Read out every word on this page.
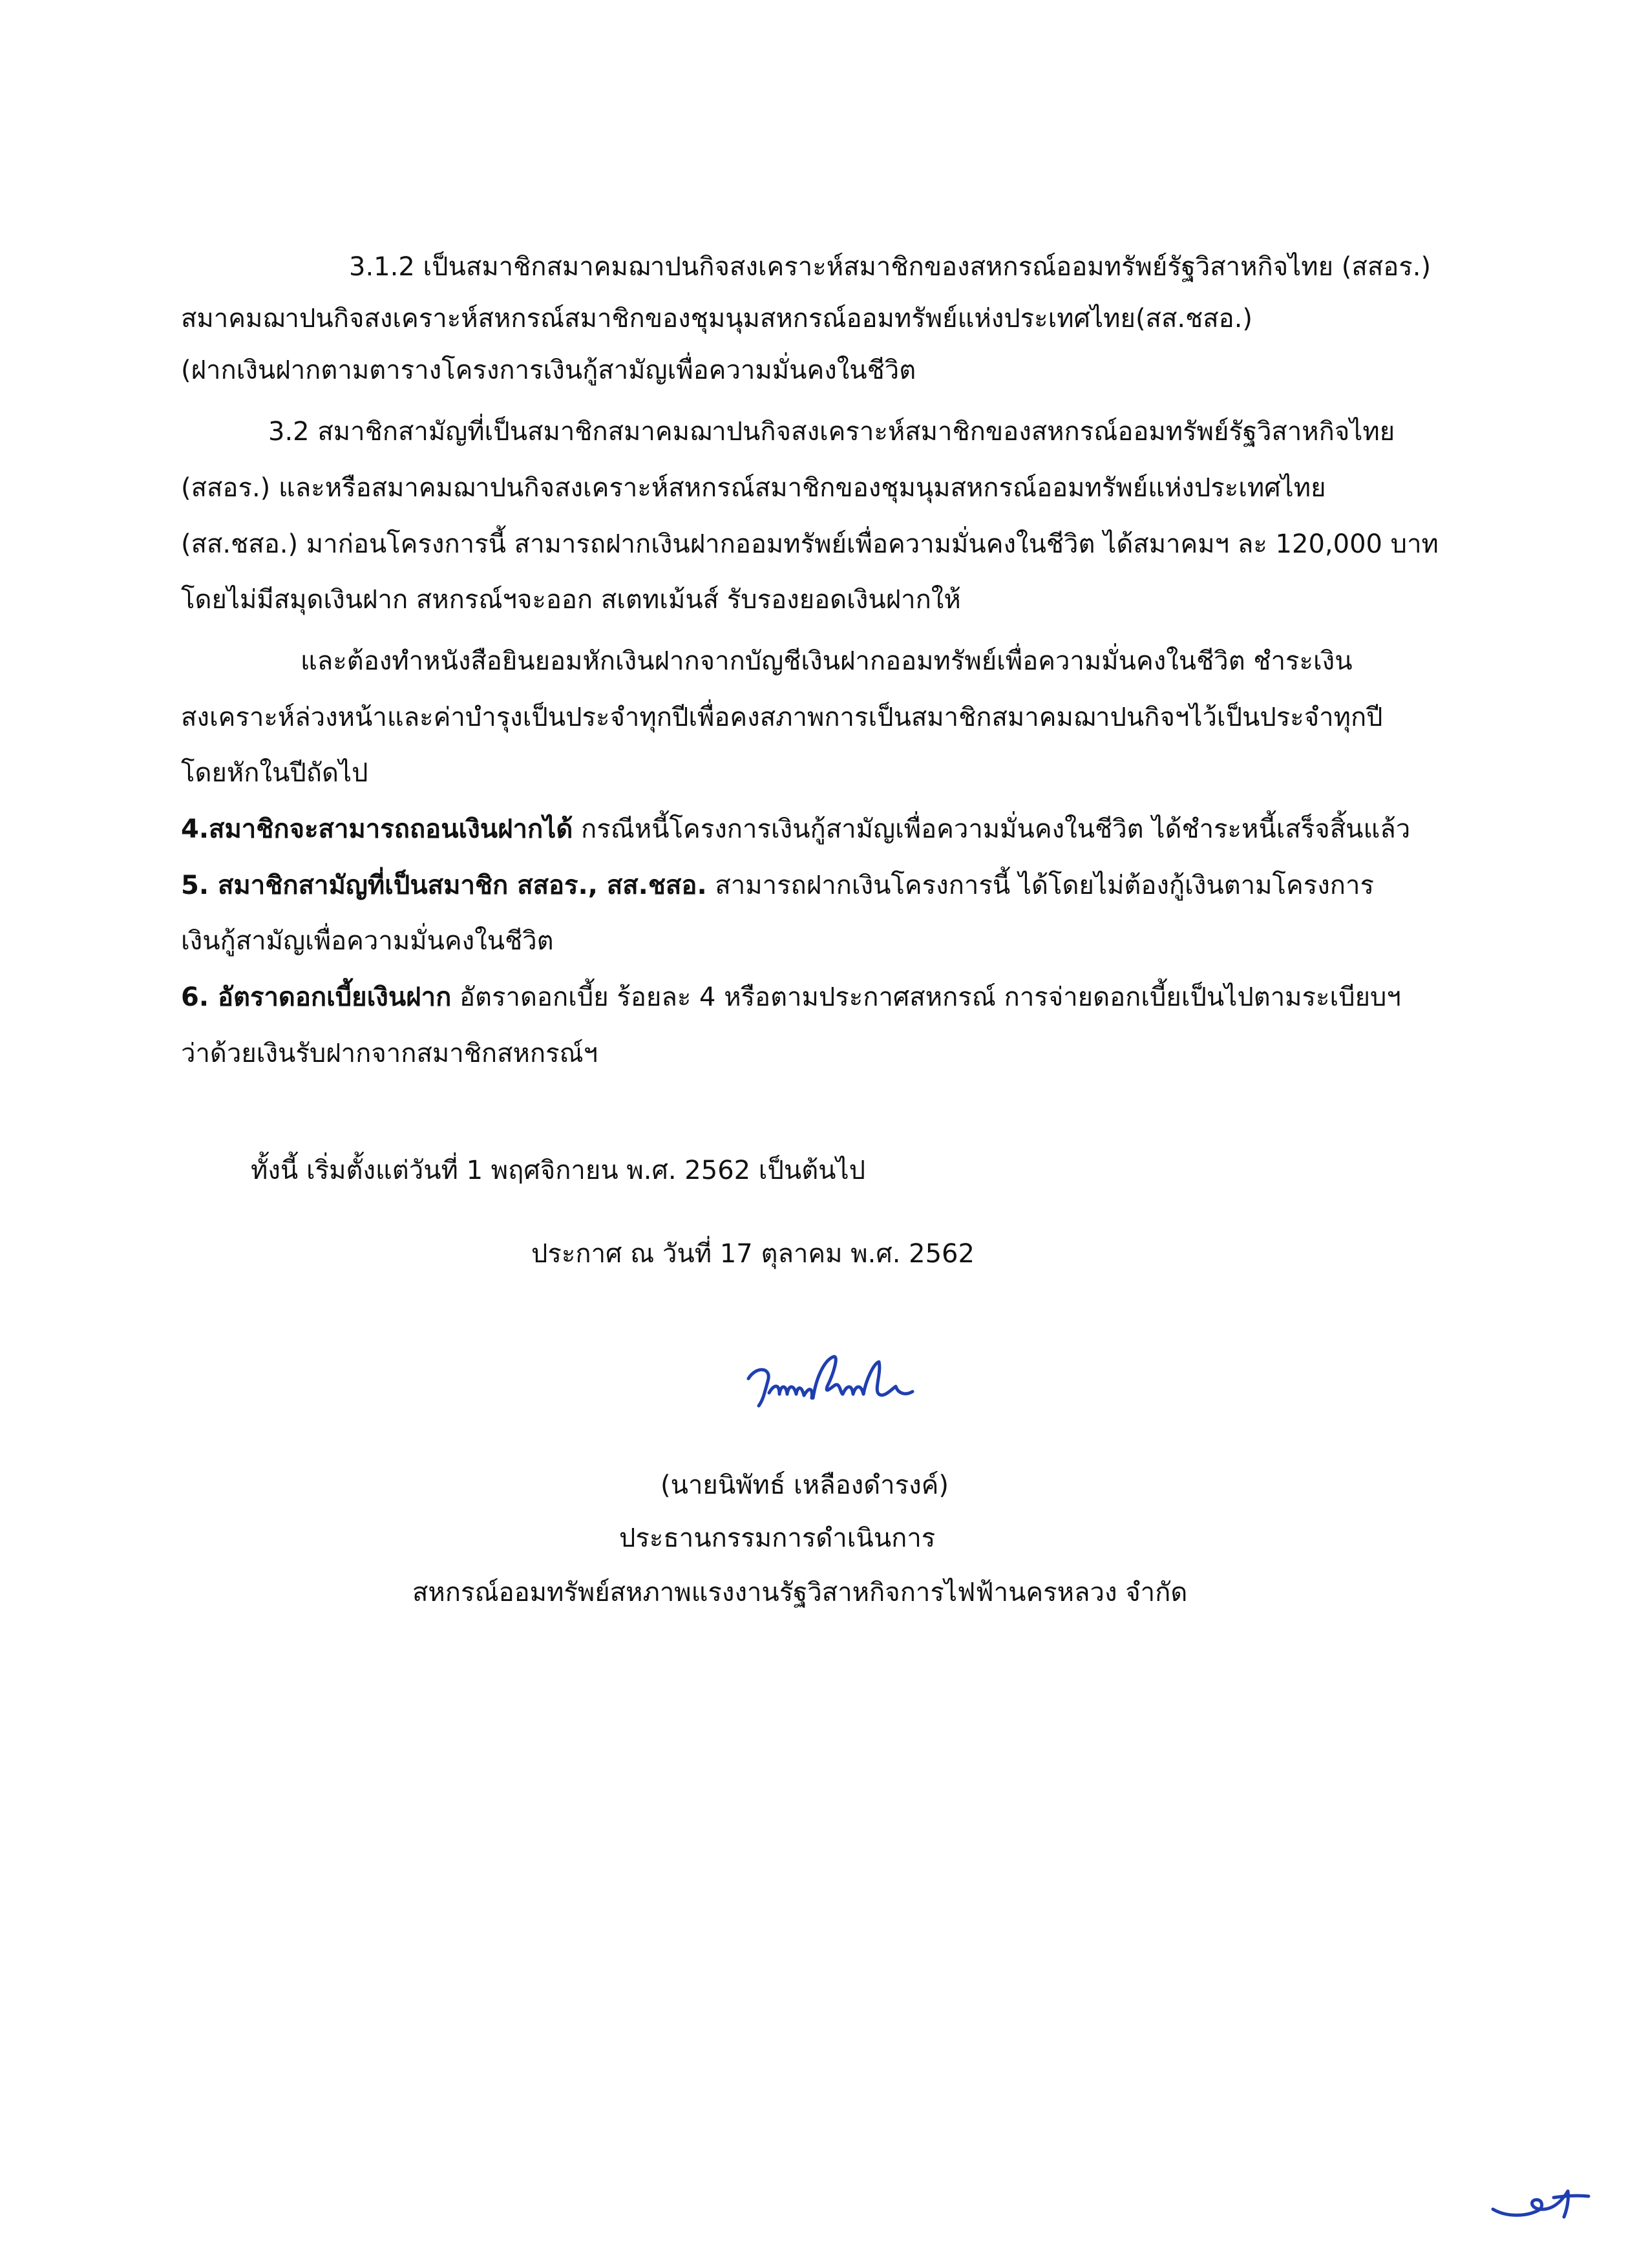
3.1.2 เป็นสมาชิกสมาคมฌาปนกิจสงเคราะห์สมาชิกของสหกรณ์ออมทรัพย์รัฐวิสาหกิจไทย (สสอร.)

สมาคมฌาปนกิจสงเคราะห์สหกรณ์สมาชิกของชุมนุมสหกรณ์ออมทรัพย์แห่งประเทศไทย(สส.ชสอ.)

(ฝากเงินฝากตามตารางโครงการเงินกู้สามัญเพื่อความมั่นคงในชีวิต

3.2 สมาชิกสามัญที่เป็นสมาชิกสมาคมฌาปนกิจสงเคราะห์สมาชิกของสหกรณ์ออมทรัพย์รัฐวิสาหกิจไทย

(สสอร.) และหรือสมาคมฌาปนกิจสงเคราะห์สหกรณ์สมาชิกของชุมนุมสหกรณ์ออมทรัพย์แห่งประเทศไทย

(สส.ชสอ.) มาก่อนโครงการนี้ สามารถฝากเงินฝากออมทรัพย์เพื่อความมั่นคงในชีวิต ได้สมาคมฯ ละ 120,000 บาท

โดยไม่มีสมุดเงินฝาก สหกรณ์ฯจะออก สเตทเม้นส์ รับรองยอดเงินฝากให้

และต้องทำหนังสือยินยอมหักเงินฝากจากบัญชีเงินฝากออมทรัพย์เพื่อความมั่นคงในชีวิต ชำระเงิน

สงเคราะห์ล่วงหน้าและค่าบำรุงเป็นประจำทุกปีเพื่อคงสภาพการเป็นสมาชิกสมาคมฌาปนกิจฯไว้เป็นประจำทุกปี

โดยหักในปีถัดไป

4.สมาชิกจะสามารถถอนเงินฝากได้ กรณีหนี้โครงการเงินกู้สามัญเพื่อความมั่นคงในชีวิต ได้ชำระหนี้เสร็จสิ้นแล้ว

5. สมาชิกสามัญที่เป็นสมาชิก สสอร., สส.ชสอ. สามารถฝากเงินโครงการนี้ ได้โดยไม่ต้องกู้เงินตามโครงการ

เงินกู้สามัญเพื่อความมั่นคงในชีวิต

6. อัตราดอกเบี้ยเงินฝาก อัตราดอกเบี้ย ร้อยละ 4 หรือตามประกาศสหกรณ์ การจ่ายดอกเบี้ยเป็นไปตามระเบียบฯ

ว่าด้วยเงินรับฝากจากสมาชิกสหกรณ์ฯ

ทั้งนี้ เริ่มตั้งแต่วันที่ 1 พฤศจิกายน พ.ศ. 2562 เป็นต้นไป

ประกาศ ณ วันที่ 17 ตุลาคม พ.ศ. 2562

(นายนิพัทธ์ เหลืองดำรงค์)

ประธานกรรมการดำเนินการ

สหกรณ์ออมทรัพย์สหภาพแรงงานรัฐวิสาหกิจการไฟฟ้านครหลวง จำกัด
